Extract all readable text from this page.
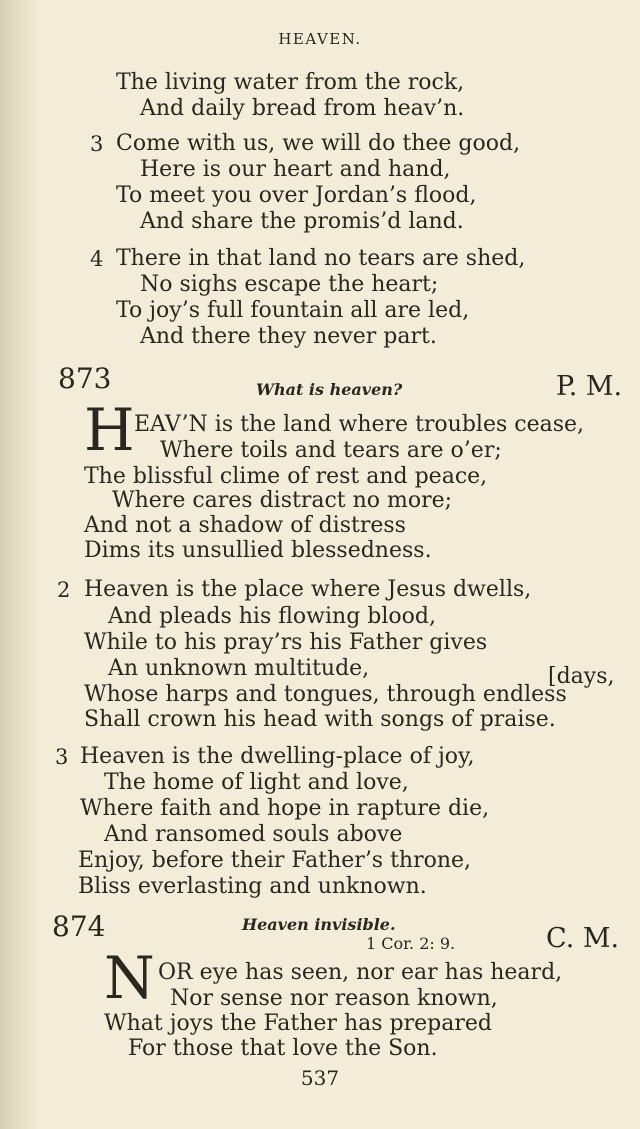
HEAVEN.
The living water from the rock,
And daily bread from heav’n.
3 Come with us, we will do thee good,
Here is our heart and hand,
To meet you over Jordan’s flood,
And share the promis’d land.
4 There in that land no tears are shed,
No sighs escape the heart;
To joy’s full fountain all are led,
And there they never part.
873	What is heaven?	P. M.
H EAV’N is the land where troubles cease,
Where toils and tears are o’er;
The blissful clime of rest and peace,
Where cares distract no more;
And not a shadow of distress
Dims its unsullied blessedness.
2 Heaven is the place where Jesus dwells,
And pleads his flowing blood,
While to his pray’rs his Father gives
An unknown multitude,	[days,
Whose harps and tongues, through endless
Shall crown his head with songs of praise.
3 Heaven is the dwelling-place of joy,
The home of light and love,
Where faith and hope in rapture die,
And ransomed souls above
Enjoy, before their Father’s throne,
Bliss everlasting and unknown.
874	Heaven invisible.
1 Cor. 2: 9.	C. M.
N OR eye has seen, nor ear has heard,
Nor sense nor reason known,
What joys the Father has prepared
For those that love the Son.
537
